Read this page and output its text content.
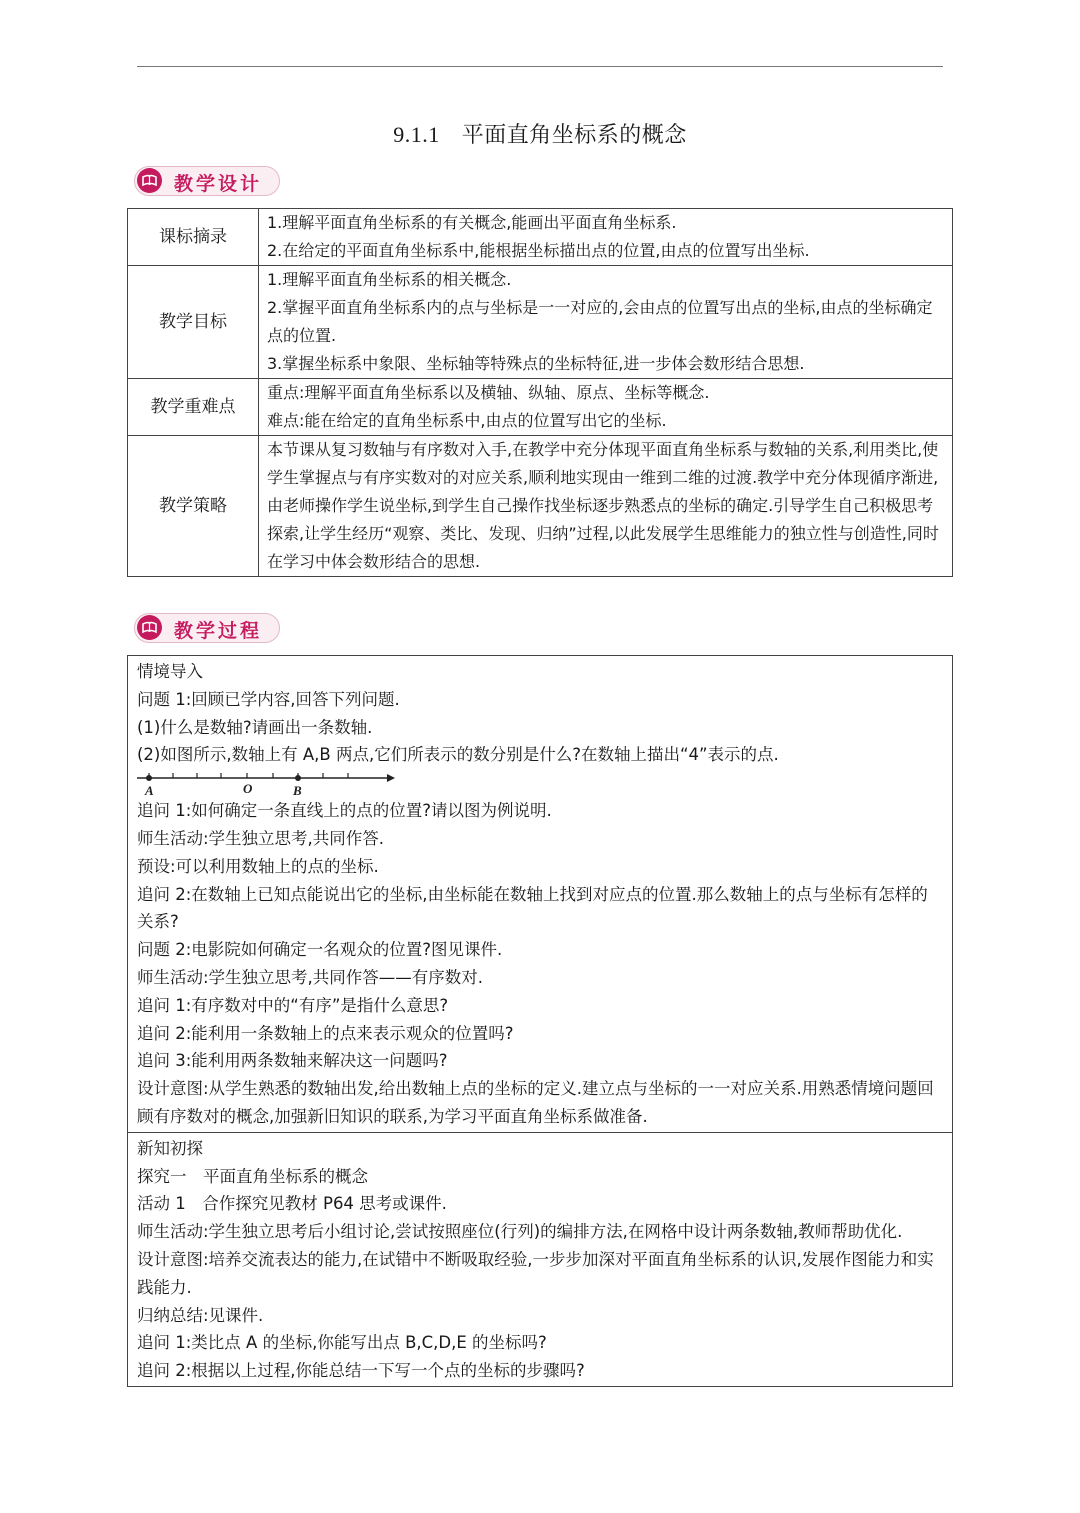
9.1.1 平面直角坐标系的概念
教学设计
课标摘录	1.理解平面直角坐标系的有关概念,能画出平面直角坐标系.
2.在给定的平面直角坐标系中,能根据坐标描出点的位置,由点的位置写出坐标.

教学目标	1.理解平面直角坐标系的相关概念.
2.掌握平面直角坐标系内的点与坐标是一一对应的,会由点的位置写出点的坐标,由点的坐标确定点的位置.
3.掌握坐标系中象限、坐标轴等特殊点的坐标特征,进一步体会数形结合思想.

教学重难点	重点:理解平面直角坐标系以及横轴、纵轴、原点、坐标等概念.
难点:能在给定的直角坐标系中,由点的位置写出它的坐标.

教学策略	本节课从复习数轴与有序数对入手,在教学中充分体现平面直角坐标系与数轴的关系,利用类比,使学生掌握点与有序实数对的对应关系,顺利地实现由一维到二维的过渡.教学中充分体现循序渐进,由老师操作学生说坐标,到学生自己操作找坐标逐步熟悉点的坐标的确定.引导学生自己积极思考探索,让学生经历“观察、类比、发现、归纳”过程,以此发展学生思维能力的独立性与创造性,同时在学习中体会数形结合的思想.
教学过程
情境导入
问题 1:回顾已学内容,回答下列问题.
(1)什么是数轴?请画出一条数轴.
(2)如图所示,数轴上有 A,B 两点,它们所表示的数分别是什么?在数轴上描出“4”表示的点.
A	O	B
追问 1:如何确定一条直线上的点的位置?请以图为例说明.
师生活动:学生独立思考,共同作答.
预设:可以利用数轴上的点的坐标.
追问 2:在数轴上已知点能说出它的坐标,由坐标能在数轴上找到对应点的位置.那么数轴上的点与坐标有怎样的关系?
问题 2:电影院如何确定一名观众的位置?图见课件.
师生活动:学生独立思考,共同作答——有序数对.
追问 1:有序数对中的“有序”是指什么意思?
追问 2:能利用一条数轴上的点来表示观众的位置吗?
追问 3:能利用两条数轴来解决这一问题吗?
设计意图:从学生熟悉的数轴出发,给出数轴上点的坐标的定义.建立点与坐标的一一对应关系.用熟悉情境问题回顾有序数对的概念,加强新旧知识的联系,为学习平面直角坐标系做准备.
新知初探
探究一　平面直角坐标系的概念
活动 1　合作探究见教材 P64 思考或课件.
师生活动:学生独立思考后小组讨论,尝试按照座位(行列)的编排方法,在网格中设计两条数轴,教师帮助优化.
设计意图:培养交流表达的能力,在试错中不断吸取经验,一步步加深对平面直角坐标系的认识,发展作图能力和实践能力.
归纳总结:见课件.
追问 1:类比点 A 的坐标,你能写出点 B,C,D,E 的坐标吗?
追问 2:根据以上过程,你能总结一下写一个点的坐标的步骤吗?
